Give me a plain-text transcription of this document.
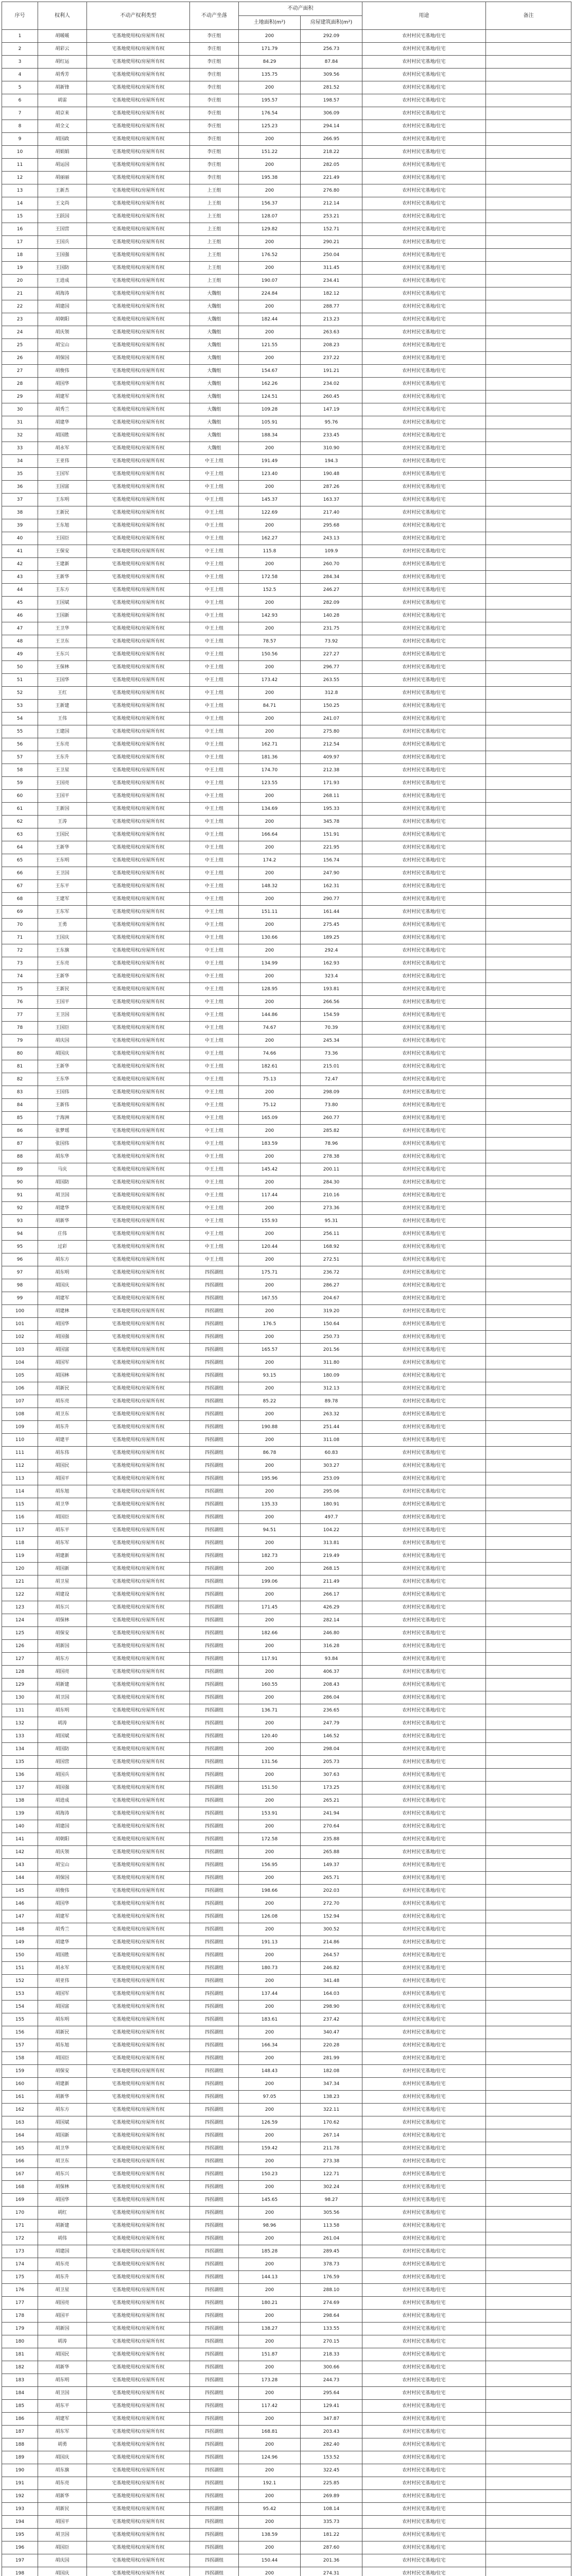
序号	权利人	不动产权利类型	不动产坐落	不动产面积		用途	备注
				土地面积(m²)	房屋建筑面积(m²)		
1	胡暖暖	宅基地使用权/房屋所有权	李庄组	200	292.09	农村村民宅基地/住宅	
2	胡彩云	宅基地使用权/房屋所有权	李庄组	171.79	256.73	农村村民宅基地/住宅	
3	胡红运	宅基地使用权/房屋所有权	李庄组	84.29	87.84	农村村民宅基地/住宅	
4	胡秀芳	宅基地使用权/房屋所有权	李庄组	135.75	309.56	农村村民宅基地/住宅	
5	胡新锋	宅基地使用权/房屋所有权	李庄组	200	281.52	农村村民宅基地/住宅	
6	胡雷	宅基地使用权/房屋所有权	李庄组	195.57	198.57	农村村民宅基地/住宅	
7	胡京来	宅基地使用权/房屋所有权	李庄组	176.54	306.09	农村村民宅基地/住宅	
8	胡全义	宅基地使用权/房屋所有权	李庄组	125.23	294.14	农村村民宅基地/住宅	
9	胡国政	宅基地使用权/房屋所有权	李庄组	200	266.95	农村村民宅基地/住宅	
10	胡娟娟	宅基地使用权/房屋所有权	李庄组	151.22	218.22	农村村民宅基地/住宅	
11	胡运国	宅基地使用权/房屋所有权	李庄组	200	282.05	农村村民宅基地/住宅	
12	胡丽丽	宅基地使用权/房屋所有权	李庄组	195.38	221.49	农村村民宅基地/住宅	
13	王新杰	宅基地使用权/房屋所有权	上王组	200	276.80	农村村民宅基地/住宅	
14	王文尚	宅基地使用权/房屋所有权	上王组	156.37	212.14	农村村民宅基地/住宅	
15	王跃国	宅基地使用权/房屋所有权	上王组	128.07	253.21	农村村民宅基地/住宅	
16	王国营	宅基地使用权/房屋所有权	上王组	129.82	152.71	农村村民宅基地/住宅	
17	王国兵	宅基地使用权/房屋所有权	上王组	200	290.21	农村村民宅基地/住宅	
18	王国强	宅基地使用权/房屋所有权	上王组	176.52	250.04	农村村民宅基地/住宅	
19	王国防	宅基地使用权/房屋所有权	上王组	200	311.45	农村村民宅基地/住宅	
20	王进成	宅基地使用权/房屋所有权	上王组	190.07	234.41	农村村民宅基地/住宅	
21	胡海涛	宅基地使用权/房屋所有权	大魏组	224.84	182.12	农村村民宅基地/住宅	
22	胡建国	宅基地使用权/房屋所有权	大魏组	200	288.77	农村村民宅基地/住宅	
23	胡朝阳	宅基地使用权/房屋所有权	大魏组	182.44	213.23	农村村民宅基地/住宅	
24	胡庆领	宅基地使用权/房屋所有权	大魏组	200	263.63	农村村民宅基地/住宅	
25	胡宝山	宅基地使用权/房屋所有权	大魏组	121.55	208.23	农村村民宅基地/住宅	
26	胡保国	宅基地使用权/房屋所有权	大魏组	200	237.22	农村村民宅基地/住宅	
27	胡俊伟	宅基地使用权/房屋所有权	大魏组	154.67	191.21	农村村民宅基地/住宅	
28	胡国华	宅基地使用权/房屋所有权	大魏组	162.26	234.02	农村村民宅基地/住宅	
29	胡建军	宅基地使用权/房屋所有权	大魏组	124.51	260.45	农村村民宅基地/住宅	
30	胡秀兰	宅基地使用权/房屋所有权	大魏组	109.28	147.19	农村村民宅基地/住宅	
31	胡建华	宅基地使用权/房屋所有权	大魏组	105.91	95.76	农村村民宅基地/住宅	
32	胡国胜	宅基地使用权/房屋所有权	大魏组	188.34	233.45	农村村民宅基地/住宅	
33	胡永军	宅基地使用权/房屋所有权	大魏组	200	310.90	农村村民宅基地/住宅	
34	王亚伟	宅基地使用权/房屋所有权	中王上组	191.49	194.3	农村村民宅基地/住宅	
35	王国军	宅基地使用权/房屋所有权	中王上组	123.40	190.48	农村村民宅基地/住宅	
36	王国富	宅基地使用权/房屋所有权	中王上组	200	287.26	农村村民宅基地/住宅	
37	王东明	宅基地使用权/房屋所有权	中王上组	145.37	163.37	农村村民宅基地/住宅	
38	王新民	宅基地使用权/房屋所有权	中王上组	122.69	217.40	农村村民宅基地/住宅	
39	王东旭	宅基地使用权/房屋所有权	中王上组	200	295.68	农村村民宅基地/住宅	
40	王国臣	宅基地使用权/房屋所有权	中王上组	162.27	243.13	农村村民宅基地/住宅	
41	王保安	宅基地使用权/房屋所有权	中王上组	115.8	109.9	农村村民宅基地/住宅	
42	王建新	宅基地使用权/房屋所有权	中王上组	200	260.70	农村村民宅基地/住宅	
43	王新华	宅基地使用权/房屋所有权	中王上组	172.58	284.34	农村村民宅基地/住宅	
44	王东方	宅基地使用权/房屋所有权	中王上组	152.5	246.27	农村村民宅基地/住宅	
45	王国斌	宅基地使用权/房屋所有权	中王上组	200	282.09	农村村民宅基地/住宅	
46	王国新	宅基地使用权/房屋所有权	中王上组	142.93	140.28	农村村民宅基地/住宅	
47	王卫华	宅基地使用权/房屋所有权	中王上组	200	231.75	农村村民宅基地/住宅	
48	王卫东	宅基地使用权/房屋所有权	中王上组	78.57	73.92	农村村民宅基地/住宅	
49	王东兴	宅基地使用权/房屋所有权	中王上组	150.56	227.27	农村村民宅基地/住宅	
50	王保林	宅基地使用权/房屋所有权	中王上组	200	296.77	农村村民宅基地/住宅	
51	王国华	宅基地使用权/房屋所有权	中王上组	173.42	263.55	农村村民宅基地/住宅	
52	王红	宅基地使用权/房屋所有权	中王上组	200	312.8	农村村民宅基地/住宅	
53	王新建	宅基地使用权/房屋所有权	中王上组	84.71	150.25	农村村民宅基地/住宅	
54	王伟	宅基地使用权/房屋所有权	中王上组	200	241.07	农村村民宅基地/住宅	
55	王建国	宅基地使用权/房屋所有权	中王上组	200	275.80	农村村民宅基地/住宅	
56	王东亮	宅基地使用权/房屋所有权	中王上组	162.71	212.54	农村村民宅基地/住宅	
57	王东升	宅基地使用权/房屋所有权	中王上组	181.36	409.97	农村村民宅基地/住宅	
58	王卫星	宅基地使用权/房屋所有权	中王上组	174.70	212.38	农村村民宅基地/住宅	
59	王国亮	宅基地使用权/房屋所有权	中王上组	123.55	171.93	农村村民宅基地/住宅	
60	王国平	宅基地使用权/房屋所有权	中王上组	200	268.11	农村村民宅基地/住宅	
61	王新国	宅基地使用权/房屋所有权	中王上组	134.69	195.33	农村村民宅基地/住宅	
62	王涛	宅基地使用权/房屋所有权	中王上组	200	345.78	农村村民宅基地/住宅	
63	王国民	宅基地使用权/房屋所有权	中王上组	166.64	151.91	农村村民宅基地/住宅	
64	王新华	宅基地使用权/房屋所有权	中王上组	200	221.95	农村村民宅基地/住宅	
65	王东明	宅基地使用权/房屋所有权	中王上组	174.2	156.74	农村村民宅基地/住宅	
66	王卫国	宅基地使用权/房屋所有权	中王上组	200	247.90	农村村民宅基地/住宅	
67	王东平	宅基地使用权/房屋所有权	中王上组	148.32	162.31	农村村民宅基地/住宅	
68	王建军	宅基地使用权/房屋所有权	中王上组	200	290.77	农村村民宅基地/住宅	
69	王东军	宅基地使用权/房屋所有权	中王上组	151.11	161.44	农村村民宅基地/住宅	
70	王勇	宅基地使用权/房屋所有权	中王上组	200	275.45	农村村民宅基地/住宅	
71	王国庆	宅基地使用权/房屋所有权	中王上组	130.66	189.25	农村村民宅基地/住宅	
72	王东旗	宅基地使用权/房屋所有权	中王上组	200	292.4	农村村民宅基地/住宅	
73	王东亮	宅基地使用权/房屋所有权	中王上组	134.99	162.93	农村村民宅基地/住宅	
74	王新华	宅基地使用权/房屋所有权	中王上组	200	323.4	农村村民宅基地/住宅	
75	王新民	宅基地使用权/房屋所有权	中王上组	128.95	193.81	农村村民宅基地/住宅	
76	王国平	宅基地使用权/房屋所有权	中王上组	200	266.56	农村村民宅基地/住宅	
77	王卫国	宅基地使用权/房屋所有权	中王上组	144.86	154.59	农村村民宅基地/住宅	
78	王国臣	宅基地使用权/房屋所有权	中王上组	74.67	70.39	农村村民宅基地/住宅	
79	胡庆国	宅基地使用权/房屋所有权	中王上组	200	245.34	农村村民宅基地/住宅	
80	胡国庆	宅基地使用权/房屋所有权	中王上组	74.66	73.36	农村村民宅基地/住宅	
81	王新华	宅基地使用权/房屋所有权	中王上组	182.61	215.01	农村村民宅基地/住宅	
82	王东华	宅基地使用权/房屋所有权	中王上组	75.13	72.47	农村村民宅基地/住宅	
83	王国伟	宅基地使用权/房屋所有权	中王上组	200	298.09	农村村民宅基地/住宅	
84	王新伟	宅基地使用权/房屋所有权	中王上组	75.12	73.80	农村村民宅基地/住宅	
85	于海洲	宅基地使用权/房屋所有权	中王上组	165.09	260.77	农村村民宅基地/住宅	
86	张梦瑶	宅基地使用权/房屋所有权	中王上组	200	285.82	农村村民宅基地/住宅	
87	张国伟	宅基地使用权/房屋所有权	中王上组	183.59	78.96	农村村民宅基地/住宅	
88	胡东华	宅基地使用权/房屋所有权	中王上组	200	278.38	农村村民宅基地/住宅	
89	马庆	宅基地使用权/房屋所有权	中王上组	145.42	200.11	农村村民宅基地/住宅	
90	胡国防	宅基地使用权/房屋所有权	中王上组	200	284.30	农村村民宅基地/住宅	
91	胡卫国	宅基地使用权/房屋所有权	中王上组	117.44	210.16	农村村民宅基地/住宅	
92	胡建华	宅基地使用权/房屋所有权	中王上组	200	273.36	农村村民宅基地/住宅	
93	胡新华	宅基地使用权/房屋所有权	中王上组	155.93	95.31	农村村民宅基地/住宅	
94	庄伟	宅基地使用权/房屋所有权	中王上组	200	256.11	农村村民宅基地/住宅	
95	过彩	宅基地使用权/房屋所有权	中王上组	120.44	168.92	农村村民宅基地/住宅	
96	胡东方	宅基地使用权/房屋所有权	中王上组	200	272.51	农村村民宅基地/住宅	
97	胡东明	宅基地使用权/房屋所有权	四拐湖组	175.71	236.72	农村村民宅基地/住宅	
98	胡国庆	宅基地使用权/房屋所有权	四拐湖组	200	286.27	农村村民宅基地/住宅	
99	胡建军	宅基地使用权/房屋所有权	四拐湖组	167.55	204.67	农村村民宅基地/住宅	
100	胡建林	宅基地使用权/房屋所有权	四拐湖组	200	319.20	农村村民宅基地/住宅	
101	胡国华	宅基地使用权/房屋所有权	四拐湖组	176.5	150.64	农村村民宅基地/住宅	
102	胡国强	宅基地使用权/房屋所有权	四拐湖组	200	250.73	农村村民宅基地/住宅	
103	胡国富	宅基地使用权/房屋所有权	四拐湖组	165.57	201.56	农村村民宅基地/住宅	
104	胡国军	宅基地使用权/房屋所有权	四拐湖组	200	311.80	农村村民宅基地/住宅	
105	胡国林	宅基地使用权/房屋所有权	四拐湖组	93.15	180.09	农村村民宅基地/住宅	
106	胡新民	宅基地使用权/房屋所有权	四拐湖组	200	312.13	农村村民宅基地/住宅	
107	胡东亮	宅基地使用权/房屋所有权	四拐湖组	85.22	89.78	农村村民宅基地/住宅	
108	胡卫东	宅基地使用权/房屋所有权	四拐湖组	200	263.32	农村村民宅基地/住宅	
109	胡东升	宅基地使用权/房屋所有权	四拐湖组	190.88	251.44	农村村民宅基地/住宅	
110	胡建平	宅基地使用权/房屋所有权	四拐湖组	200	311.08	农村村民宅基地/住宅	
111	胡东伟	宅基地使用权/房屋所有权	四拐湖组	86.78	60.83	农村村民宅基地/住宅	
112	胡国民	宅基地使用权/房屋所有权	四拐湖组	200	303.27	农村村民宅基地/住宅	
113	胡国平	宅基地使用权/房屋所有权	四拐湖组	195.96	253.09	农村村民宅基地/住宅	
114	胡东旭	宅基地使用权/房屋所有权	四拐湖组	200	295.06	农村村民宅基地/住宅	
115	胡卫华	宅基地使用权/房屋所有权	四拐湖组	135.33	180.91	农村村民宅基地/住宅	
116	胡国臣	宅基地使用权/房屋所有权	四拐湖组	200	497.7	农村村民宅基地/住宅	
117	胡东平	宅基地使用权/房屋所有权	四拐湖组	94.51	104.22	农村村民宅基地/住宅	
118	胡东军	宅基地使用权/房屋所有权	四拐湖组	200	313.81	农村村民宅基地/住宅	
119	胡建新	宅基地使用权/房屋所有权	四拐湖组	182.73	219.49	农村村民宅基地/住宅	
120	胡国新	宅基地使用权/房屋所有权	四拐湖组	200	268.15	农村村民宅基地/住宅	
121	胡卫星	宅基地使用权/房屋所有权	四拐湖组	199.06	211.49	农村村民宅基地/住宅	
122	胡建设	宅基地使用权/房屋所有权	四拐湖组	200	266.17	农村村民宅基地/住宅	
123	胡东兴	宅基地使用权/房屋所有权	四拐湖组	171.45	426.29	农村村民宅基地/住宅	
124	胡保林	宅基地使用权/房屋所有权	四拐湖组	200	282.14	农村村民宅基地/住宅	
125	胡保安	宅基地使用权/房屋所有权	四拐湖组	182.66	246.80	农村村民宅基地/住宅	
126	胡新国	宅基地使用权/房屋所有权	四拐湖组	200	316.28	农村村民宅基地/住宅	
127	胡东方	宅基地使用权/房屋所有权	四拐湖组	117.91	93.84	农村村民宅基地/住宅	
128	胡国亮	宅基地使用权/房屋所有权	四拐湖组	200	406.37	农村村民宅基地/住宅	
129	胡新建	宅基地使用权/房屋所有权	四拐湖组	160.55	208.43	农村村民宅基地/住宅	
130	胡卫国	宅基地使用权/房屋所有权	四拐湖组	200	286.04	农村村民宅基地/住宅	
131	胡东明	宅基地使用权/房屋所有权	四拐湖组	136.71	236.65	农村村民宅基地/住宅	
132	胡涛	宅基地使用权/房屋所有权	四拐湖组	200	247.79	农村村民宅基地/住宅	
133	胡国斌	宅基地使用权/房屋所有权	四拐湖组	120.40	146.52	农村村民宅基地/住宅	
134	胡国防	宅基地使用权/房屋所有权	四拐湖组	200	298.04	农村村民宅基地/住宅	
135	胡国营	宅基地使用权/房屋所有权	四拐湖组	131.56	205.73	农村村民宅基地/住宅	
136	胡国兵	宅基地使用权/房屋所有权	四拐湖组	200	307.63	农村村民宅基地/住宅	
137	胡国强	宅基地使用权/房屋所有权	四拐湖组	151.50	173.25	农村村民宅基地/住宅	
138	胡进成	宅基地使用权/房屋所有权	四拐湖组	200	265.21	农村村民宅基地/住宅	
139	胡海涛	宅基地使用权/房屋所有权	四拐湖组	153.91	241.94	农村村民宅基地/住宅	
140	胡建国	宅基地使用权/房屋所有权	四拐湖组	200	270.64	农村村民宅基地/住宅	
141	胡朝阳	宅基地使用权/房屋所有权	四拐湖组	172.58	235.88	农村村民宅基地/住宅	
142	胡庆领	宅基地使用权/房屋所有权	四拐湖组	200	265.88	农村村民宅基地/住宅	
143	胡宝山	宅基地使用权/房屋所有权	四拐湖组	156.95	149.37	农村村民宅基地/住宅	
144	胡保国	宅基地使用权/房屋所有权	四拐湖组	200	265.71	农村村民宅基地/住宅	
145	胡俊伟	宅基地使用权/房屋所有权	四拐湖组	198.66	202.03	农村村民宅基地/住宅	
146	胡国华	宅基地使用权/房屋所有权	四拐湖组	200	272.70	农村村民宅基地/住宅	
147	胡建军	宅基地使用权/房屋所有权	四拐湖组	126.08	152.94	农村村民宅基地/住宅	
148	胡秀兰	宅基地使用权/房屋所有权	四拐湖组	200	300.52	农村村民宅基地/住宅	
149	胡建华	宅基地使用权/房屋所有权	四拐湖组	191.13	214.86	农村村民宅基地/住宅	
150	胡国胜	宅基地使用权/房屋所有权	四拐湖组	200	264.57	农村村民宅基地/住宅	
151	胡永军	宅基地使用权/房屋所有权	四拐湖组	180.73	246.82	农村村民宅基地/住宅	
152	胡亚伟	宅基地使用权/房屋所有权	四拐湖组	200	341.48	农村村民宅基地/住宅	
153	胡国军	宅基地使用权/房屋所有权	四拐湖组	137.44	164.03	农村村民宅基地/住宅	
154	胡国富	宅基地使用权/房屋所有权	四拐湖组	200	298.90	农村村民宅基地/住宅	
155	胡东明	宅基地使用权/房屋所有权	四拐湖组	183.61	237.42	农村村民宅基地/住宅	
156	胡新民	宅基地使用权/房屋所有权	四拐湖组	200	340.47	农村村民宅基地/住宅	
157	胡东旭	宅基地使用权/房屋所有权	四拐湖组	166.34	220.28	农村村民宅基地/住宅	
158	胡国臣	宅基地使用权/房屋所有权	四拐湖组	200	281.99	农村村民宅基地/住宅	
159	胡保安	宅基地使用权/房屋所有权	四拐湖组	148.43	182.08	农村村民宅基地/住宅	
160	胡建新	宅基地使用权/房屋所有权	四拐湖组	200	347.34	农村村民宅基地/住宅	
161	胡新华	宅基地使用权/房屋所有权	四拐湖组	97.05	138.23	农村村民宅基地/住宅	
162	胡东方	宅基地使用权/房屋所有权	四拐湖组	200	322.11	农村村民宅基地/住宅	
163	胡国斌	宅基地使用权/房屋所有权	四拐湖组	126.59	170.62	农村村民宅基地/住宅	
164	胡国新	宅基地使用权/房屋所有权	四拐湖组	200	267.14	农村村民宅基地/住宅	
165	胡卫华	宅基地使用权/房屋所有权	四拐湖组	159.42	211.78	农村村民宅基地/住宅	
166	胡卫东	宅基地使用权/房屋所有权	四拐湖组	200	273.38	农村村民宅基地/住宅	
167	胡东兴	宅基地使用权/房屋所有权	四拐湖组	150.23	122.71	农村村民宅基地/住宅	
168	胡保林	宅基地使用权/房屋所有权	四拐湖组	200	302.24	农村村民宅基地/住宅	
169	胡国华	宅基地使用权/房屋所有权	四拐湖组	145.65	98.27	农村村民宅基地/住宅	
170	胡红	宅基地使用权/房屋所有权	四拐湖组	200	305.56	农村村民宅基地/住宅	
171	胡新建	宅基地使用权/房屋所有权	四拐湖组	98.96	113.58	农村村民宅基地/住宅	
172	胡伟	宅基地使用权/房屋所有权	四拐湖组	200	261.04	农村村民宅基地/住宅	
173	胡建国	宅基地使用权/房屋所有权	四拐湖组	185.28	289.45	农村村民宅基地/住宅	
174	胡东亮	宅基地使用权/房屋所有权	四拐湖组	200	378.73	农村村民宅基地/住宅	
175	胡东升	宅基地使用权/房屋所有权	四拐湖组	144.13	176.59	农村村民宅基地/住宅	
176	胡卫星	宅基地使用权/房屋所有权	四拐湖组	200	288.10	农村村民宅基地/住宅	
177	胡国亮	宅基地使用权/房屋所有权	四拐湖组	180.21	274.69	农村村民宅基地/住宅	
178	胡国平	宅基地使用权/房屋所有权	四拐湖组	200	298.64	农村村民宅基地/住宅	
179	胡新国	宅基地使用权/房屋所有权	四拐湖组	138.27	133.55	农村村民宅基地/住宅	
180	胡涛	宅基地使用权/房屋所有权	四拐湖组	200	270.15	农村村民宅基地/住宅	
181	胡国民	宅基地使用权/房屋所有权	四拐湖组	151.87	218.33	农村村民宅基地/住宅	
182	胡新华	宅基地使用权/房屋所有权	四拐湖组	200	300.66	农村村民宅基地/住宅	
183	胡东明	宅基地使用权/房屋所有权	四拐湖组	173.28	244.73	农村村民宅基地/住宅	
184	胡卫国	宅基地使用权/房屋所有权	四拐湖组	200	295.64	农村村民宅基地/住宅	
185	胡东平	宅基地使用权/房屋所有权	四拐湖组	117.42	129.41	农村村民宅基地/住宅	
186	胡建军	宅基地使用权/房屋所有权	四拐湖组	200	347.87	农村村民宅基地/住宅	
187	胡东军	宅基地使用权/房屋所有权	四拐湖组	168.81	203.43	农村村民宅基地/住宅	
188	胡勇	宅基地使用权/房屋所有权	四拐湖组	200	282.40	农村村民宅基地/住宅	
189	胡国庆	宅基地使用权/房屋所有权	四拐湖组	124.96	153.52	农村村民宅基地/住宅	
190	胡东旗	宅基地使用权/房屋所有权	四拐湖组	200	322.45	农村村民宅基地/住宅	
191	胡东亮	宅基地使用权/房屋所有权	四拐湖组	192.1	225.85	农村村民宅基地/住宅	
192	胡新华	宅基地使用权/房屋所有权	四拐湖组	200	269.89	农村村民宅基地/住宅	
193	胡新民	宅基地使用权/房屋所有权	四拐湖组	95.42	108.14	农村村民宅基地/住宅	
194	胡国平	宅基地使用权/房屋所有权	四拐湖组	200	335.73	农村村民宅基地/住宅	
195	胡卫国	宅基地使用权/房屋所有权	四拐湖组	138.59	181.22	农村村民宅基地/住宅	
196	胡国臣	宅基地使用权/房屋所有权	四拐湖组	200	287.60	农村村民宅基地/住宅	
197	胡庆国	宅基地使用权/房屋所有权	四拐湖组	150.44	201.36	农村村民宅基地/住宅	
198	胡国庆	宅基地使用权/房屋所有权	四拐湖组	200	274.31	农村村民宅基地/住宅	
